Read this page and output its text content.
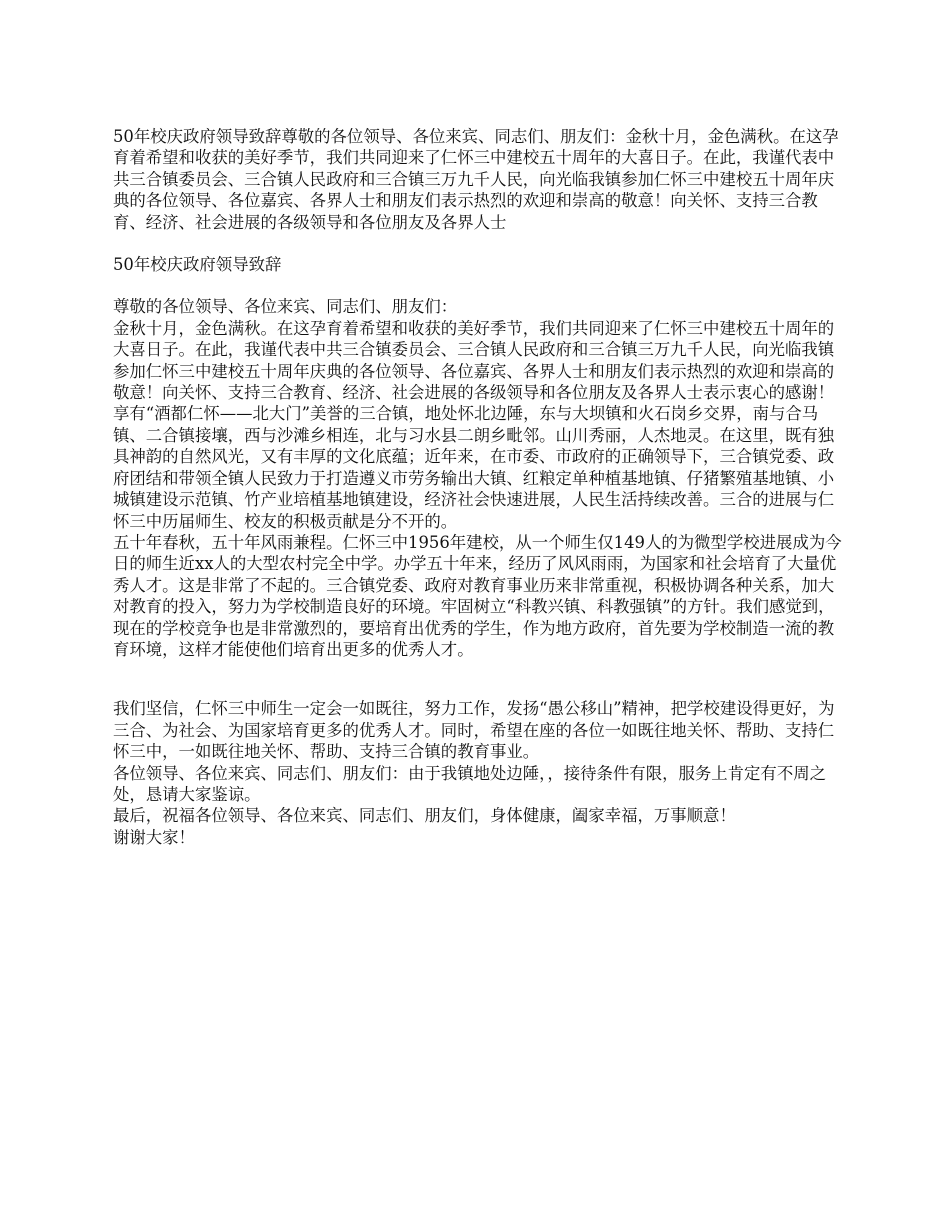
50年校庆政府领导致辞尊敬的各位领导、各位来宾、同志们、朋友们：金秋十月，金色满秋。在这孕育着希望和收获的美好季节，我们共同迎来了仁怀三中建校五十周年的大喜日子。在此，我谨代表中共三合镇委员会、三合镇人民政府和三合镇三万九千人民，向光临我镇参加仁怀三中建校五十周年庆典的各位领导、各位嘉宾、各界人士和朋友们表示热烈的欢迎和崇高的敬意！向关怀、支持三合教育、经济、社会进展的各级领导和各位朋友及各界人士

50年校庆政府领导致辞

尊敬的各位领导、各位来宾、同志们、朋友们：

金秋十月，金色满秋。在这孕育着希望和收获的美好季节，我们共同迎来了仁怀三中建校五十周年的大喜日子。在此，我谨代表中共三合镇委员会、三合镇人民政府和三合镇三万九千人民，向光临我镇参加仁怀三中建校五十周年庆典的各位领导、各位嘉宾、各界人士和朋友们表示热烈的欢迎和崇高的敬意！向关怀、支持三合教育、经济、社会进展的各级领导和各位朋友及各界人士表示衷心的感谢！

享有“酒都仁怀——北大门”美誉的三合镇，地处怀北边陲，东与大坝镇和火石岗乡交界，南与合马镇、二合镇接壤，西与沙滩乡相连，北与习水县二朗乡毗邻。山川秀丽，人杰地灵。在这里，既有独具神韵的自然风光，又有丰厚的文化底蕴；近年来，在市委、市政府的正确领导下，三合镇党委、政府团结和带领全镇人民致力于打造遵义市劳务输出大镇、红粮定单种植基地镇、仔猪繁殖基地镇、小城镇建设示范镇、竹产业培植基地镇建设，经济社会快速进展，人民生活持续改善。三合的进展与仁怀三中历届师生、校友的积极贡献是分不开的。

五十年春秋，五十年风雨兼程。仁怀三中1956年建校，从一个师生仅149人的为微型学校进展成为今日的师生近xx人的大型农村完全中学。办学五十年来，经历了风风雨雨，为国家和社会培育了大量优秀人才。这是非常了不起的。三合镇党委、政府对教育事业历来非常重视，积极协调各种关系，加大对教育的投入，努力为学校制造良好的环境。牢固树立“科教兴镇、科教强镇”的方针。我们感觉到，现在的学校竞争也是非常激烈的，要培育出优秀的学生，作为地方政府，首先要为学校制造一流的教育环境，这样才能使他们培育出更多的优秀人才。

我们坚信，仁怀三中师生一定会一如既往，努力工作，发扬“愚公移山”精神，把学校建设得更好，为三合、为社会、为国家培育更多的优秀人才。同时，希望在座的各位一如既往地关怀、帮助、支持仁怀三中，一如既往地关怀、帮助、支持三合镇的教育事业。

各位领导、各位来宾、同志们、朋友们：由于我镇地处边陲，，接待条件有限，服务上肯定有不周之处，恳请大家鉴谅。

最后，祝福各位领导、各位来宾、同志们、朋友们，身体健康，阖家幸福，万事顺意！

谢谢大家！
